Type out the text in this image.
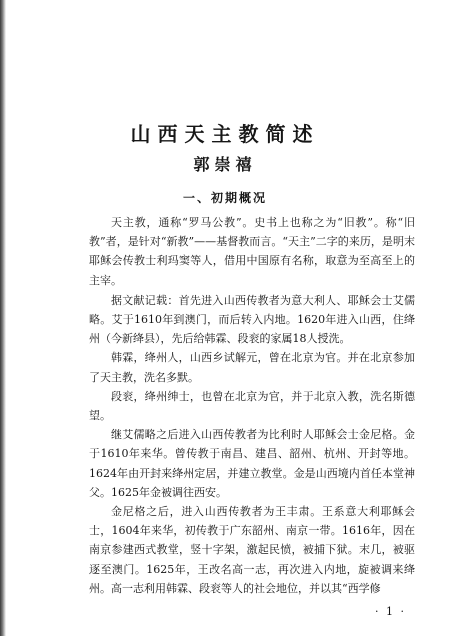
山西天主教简述
郭崇禧
一、初期概况

天主教，通称“罗马公教”。史书上也称之为“旧教”。称“旧教”者，是针对“新教”——基督教而言。“天主”二字的来历，是明末耶稣会传教士利玛窦等人，借用中国原有名称，取意为至高至上的主宰。

据文献记载：首先进入山西传教者为意大利人、耶稣会士艾儒略。艾于1610年到澳门，而后转入内地。1620年进入山西，住绛州（今新绛县），先后给韩霖、段衮的家属18人授洗。

韩霖，绛州人，山西乡试解元，曾在北京为官。并在北京参加了天主教，洗名多默。

段衮，绛州绅士，也曾在北京为官，并于北京入教，洗名斯德望。

继艾儒略之后进入山西传教者为比利时人耶稣会士金尼格。金于1610年来华。曾传教于南昌、建昌、韶州、杭州、开封等地。1624年由开封来绛州定居，并建立教堂。金是山西境内首任本堂神父。1625年金被调往西安。

金尼格之后，进入山西传教者为王丰肃。王系意大利耶稣会士，1604年来华，初传教于广东韶州、南京一带。1616年，因在南京参建西式教堂，竖十字架，激起民愤，被捕下狱。末几，被驱逐至澳门。1625年，王改名高一志，再次进入内地，旋被调来绛州。高一志利用韩霖、段衮等人的社会地位，并以其“西学修

· 1 ·
